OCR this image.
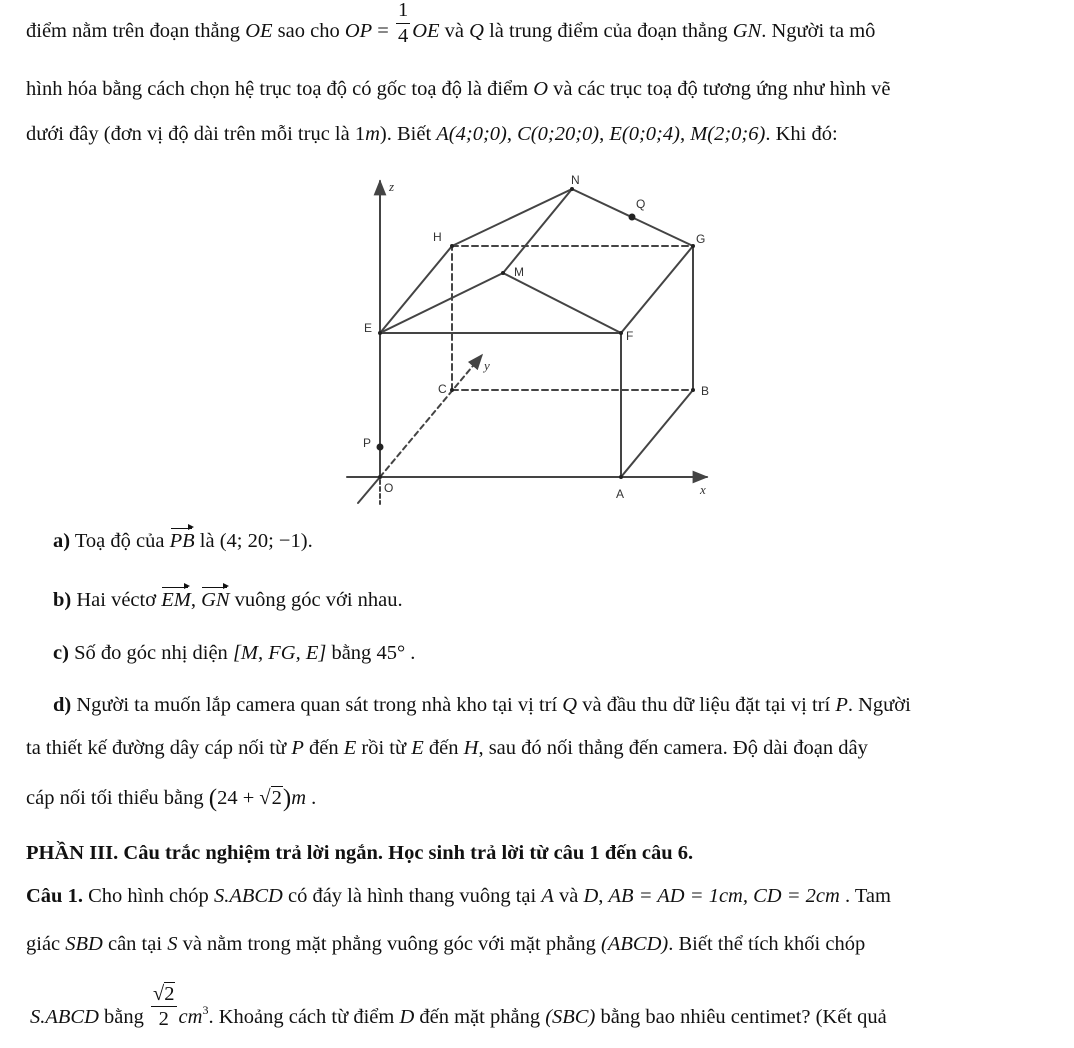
điểm nằm trên đoạn thẳng OE sao cho OP = $\frac{1}{4}$ OE và Q là trung điểm của đoạn thẳng GN. Người ta mô
hình hóa bằng cách chọn hệ trục toạ độ có gốc toạ độ là điểm O và các trục toạ độ tương ứng như hình vẽ
dưới đây (đơn vị độ dài trên mỗi trục là 1m). Biết A(4;0;0), C(0;20;0), E(0;0;4), M(2;0;6). Khi đó:
z
y
x
N
Q
H	G
M
E
F
C	B
P
O	A
a) Toạ độ của PB là (4; 20; −1).
b) Hai véctơ EM, GN vuông góc với nhau.
c) Số đo góc nhị diện [M, FG, E] bằng 45° .
d) Người ta muốn lắp camera quan sát trong nhà kho tại vị trí Q và đầu thu dữ liệu đặt tại vị trí P. Người
ta thiết kế đường dây cáp nối từ P đến E rồi từ E đến H, sau đó nối thẳng đến camera. Độ dài đoạn dây
cáp nối tối thiểu bằng (24 + √2)m .
PHẦN III. Câu trắc nghiệm trả lời ngắn. Học sinh trả lời từ câu 1 đến câu 6.
Câu 1. Cho hình chóp S.ABCD có đáy là hình thang vuông tại A và D, AB = AD = 1cm, CD = 2cm . Tam
giác SBD cân tại S và nằm trong mặt phẳng vuông góc với mặt phẳng (ABCD). Biết thể tích khối chóp
S.ABCD bằng $\frac{√2}{2} cm^3$. Khoảng cách từ điểm D đến mặt phẳng (SBC) bằng bao nhiêu centimet? (Kết quả
